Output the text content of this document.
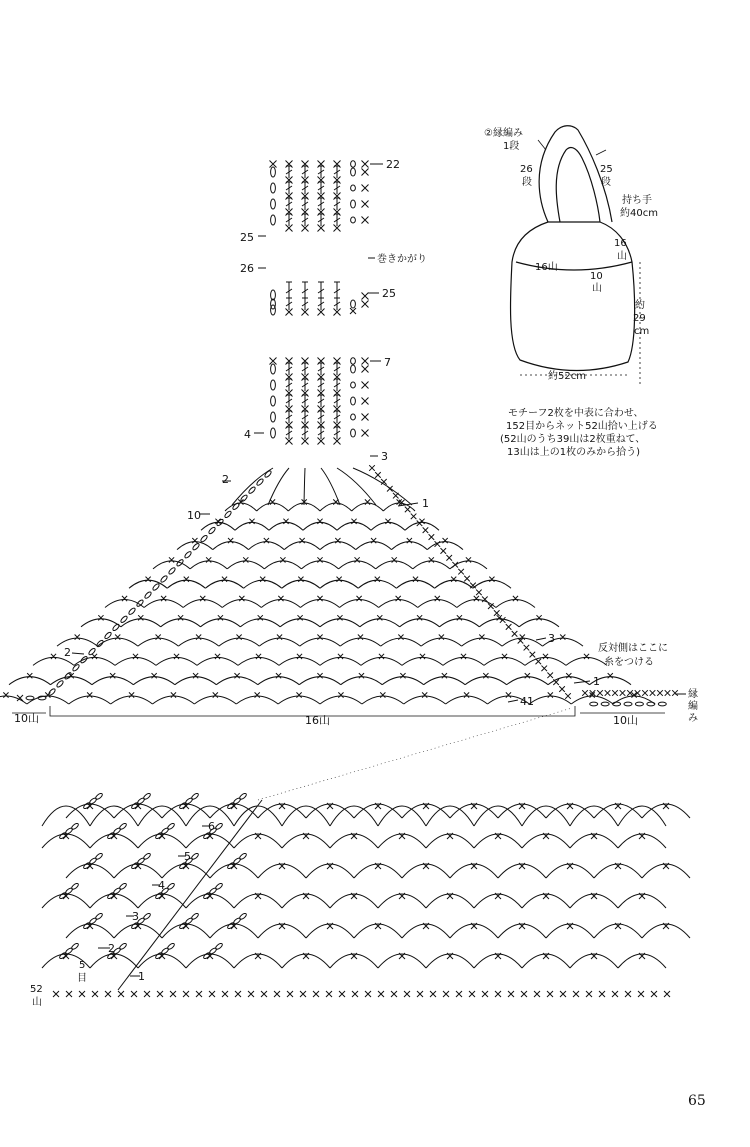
22
25
26
巻きかがり
25
7
4
3
2
10
1
3
2	反対側はここに
糸をつける
1
41
縁
編
み
10山	16山	10山
6
5
4
3
2
1
5
目
52
山
②縁編み
1段
26
段
25
段
持ち手
約40cm
16
山
16山
10
山
約
29
cm
約52cm
モチーフ2枚を中表に合わせ、
152目からネット52山拾い上げる
(52山のうち39山は2枚重ねて、
13山は上の1枚のみから拾う)
65
